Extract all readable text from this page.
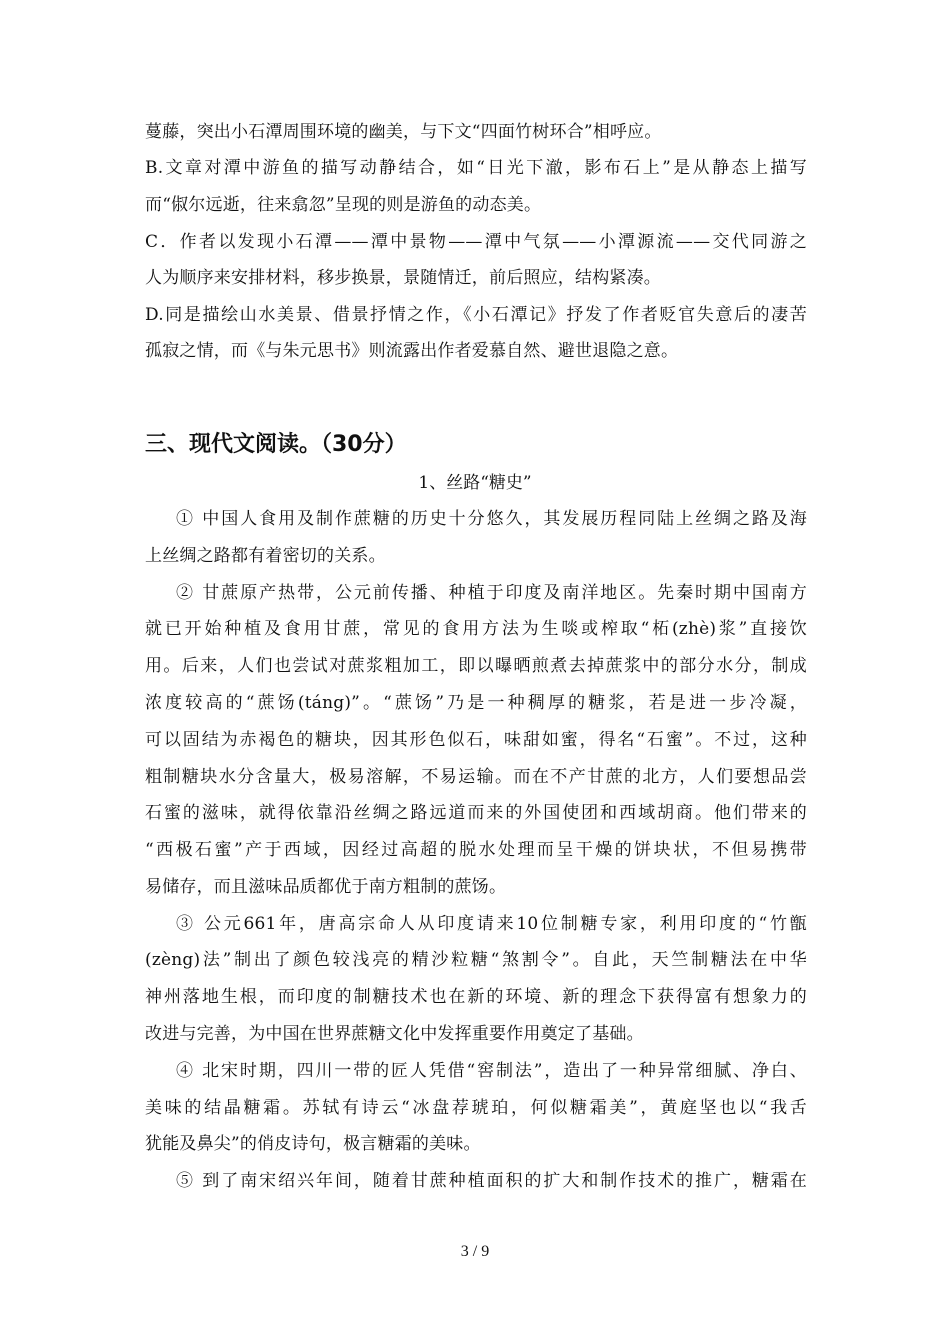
蔓藤，突出小石潭周围环境的幽美，与下文“四面竹树环合”相呼应。
B.文章对潭中游鱼的描写动静结合，如“日光下澈，影布石上”是从静态上描写
而“俶尔远逝，往来翕忽”呈现的则是游鱼的动态美。
C．作者以发现小石潭——潭中景物——潭中气氛——小潭源流——交代同游之
人为顺序来安排材料，移步换景，景随情迁，前后照应，结构紧凑。
D.同是描绘山水美景、借景抒情之作，《小石潭记》抒发了作者贬官失意后的凄苦
孤寂之情，而《与朱元思书》则流露出作者爱慕自然、避世退隐之意。
三、现代文阅读。（30分）
1、丝路“糖史”
① 中国人食用及制作蔗糖的历史十分悠久，其发展历程同陆上丝绸之路及海
上丝绸之路都有着密切的关系。
② 甘蔗原产热带，公元前传播、种植于印度及南洋地区。先秦时期中国南方
就已开始种植及食用甘蔗，常见的食用方法为生啖或榨取“柘(zhè)浆”直接饮
用。后来，人们也尝试对蔗浆粗加工，即以曝晒煎煮去掉蔗浆中的部分水分，制成
浓度较高的“蔗饧(táng)”。“蔗饧”乃是一种稠厚的糖浆，若是进一步冷凝，
可以固结为赤褐色的糖块，因其形色似石，味甜如蜜，得名“石蜜”。不过，这种
粗制糖块水分含量大，极易溶解，不易运输。而在不产甘蔗的北方，人们要想品尝
石蜜的滋味，就得依靠沿丝绸之路远道而来的外国使团和西域胡商。他们带来的
“西极石蜜”产于西域，因经过高超的脱水处理而呈干燥的饼块状，不但易携带
易储存，而且滋味品质都优于南方粗制的蔗饧。
③ 公元661年，唐高宗命人从印度请来10位制糖专家，利用印度的“竹甑
(zèng)法”制出了颜色较浅亮的精沙粒糖“煞割令”。自此，天竺制糖法在中华
神州落地生根，而印度的制糖技术也在新的环境、新的理念下获得富有想象力的
改进与完善，为中国在世界蔗糖文化中发挥重要作用奠定了基础。
④ 北宋时期，四川一带的匠人凭借“窖制法”，造出了一种异常细腻、净白、
美味的结晶糖霜。苏轼有诗云“冰盘荐琥珀，何似糖霜美”，黄庭坚也以“我舌
犹能及鼻尖”的俏皮诗句，极言糖霜的美味。
⑤ 到了南宋绍兴年间，随着甘蔗种植面积的扩大和制作技术的推广，糖霜在
3 / 9
